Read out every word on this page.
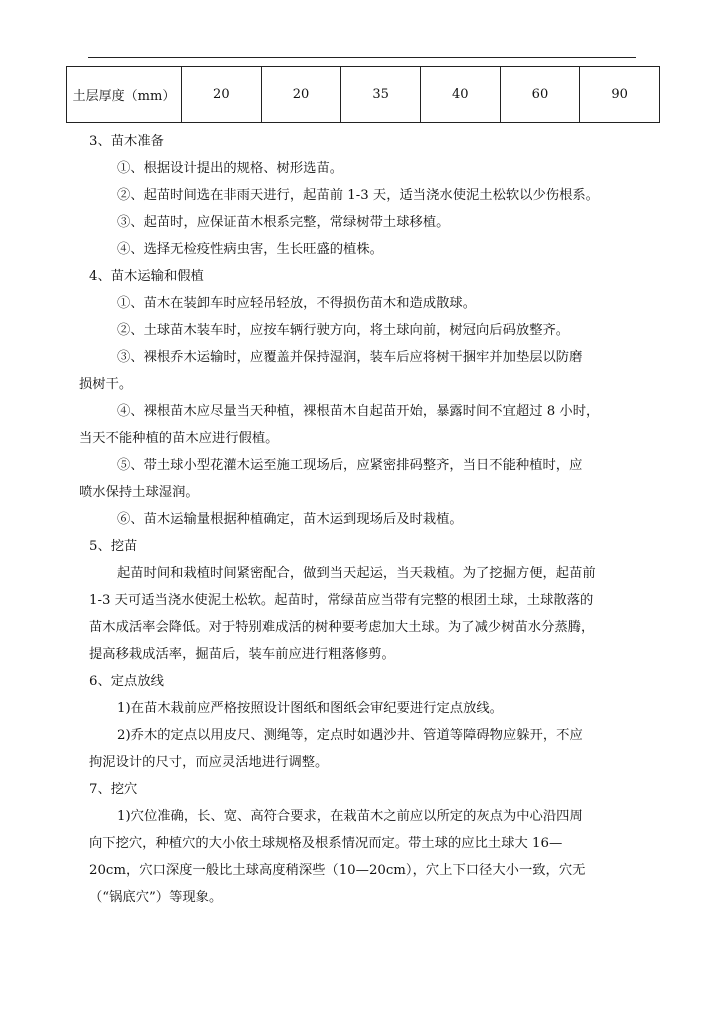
土层厚度（mm）	20	20	35	40	60	90
3、苗木准备
①、根据设计提出的规格、树形选苗。
②、起苗时间选在非雨天进行，起苗前 1-3 天，适当浇水使泥土松软以少伤根系。
③、起苗时，应保证苗木根系完整，常绿树带土球移植。
④、选择无检疫性病虫害，生长旺盛的植株。
4、苗木运输和假植
①、苗木在装卸车时应轻吊轻放，不得损伤苗木和造成散球。
②、土球苗木装车时，应按车辆行驶方向，将土球向前，树冠向后码放整齐。
③、裸根乔木运输时，应覆盖并保持湿润，装车后应将树干捆牢并加垫层以防磨
损树干。
④、裸根苗木应尽量当天种植，裸根苗木自起苗开始，暴露时间不宜超过 8 小时，
当天不能种植的苗木应进行假植。
⑤、带土球小型花灌木运至施工现场后，应紧密排码整齐，当日不能种植时，应
喷水保持土球湿润。
⑥、苗木运输量根据种植确定，苗木运到现场后及时栽植。
5、挖苗
起苗时间和栽植时间紧密配合，做到当天起运，当天栽植。为了挖掘方便，起苗前
1-3 天可适当浇水使泥土松软。起苗时，常绿苗应当带有完整的根团土球，土球散落的
苗木成活率会降低。对于特别难成活的树种要考虑加大土球。为了减少树苗水分蒸腾，
提高移栽成活率，掘苗后，装车前应进行粗落修剪。
6、定点放线
1)在苗木栽前应严格按照设计图纸和图纸会审纪要进行定点放线。
2)乔木的定点以用皮尺、测绳等，定点时如遇沙井、管道等障碍物应躲开，不应
拘泥设计的尺寸，而应灵活地进行调整。
7、挖穴
1)穴位准确，长、宽、高符合要求，在栽苗木之前应以所定的灰点为中心沿四周
向下挖穴，种植穴的大小依土球规格及根系情况而定。带土球的应比土球大 16—
20cm，穴口深度一般比土球高度稍深些（10—20cm），穴上下口径大小一致，穴无
（“锅底穴”）等现象。
